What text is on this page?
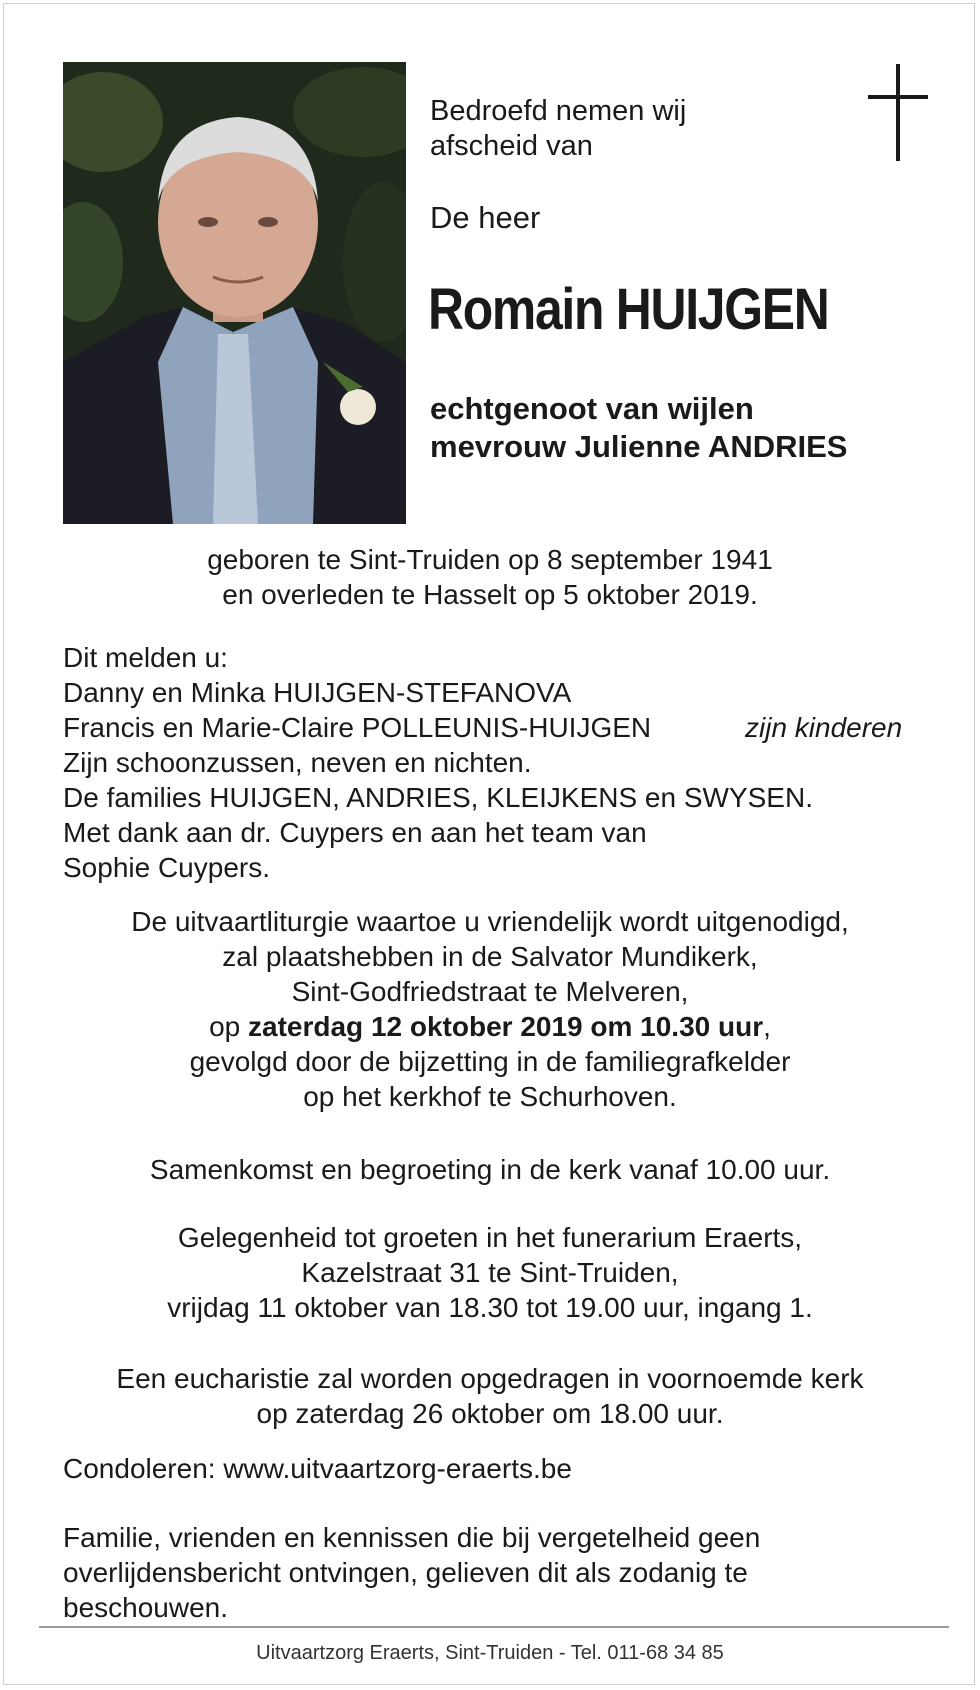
Bedroefd nemen wij
afscheid van
De heer
Romain HUIJGEN
echtgenoot van wijlen
mevrouw Julienne ANDRIES
geboren te Sint-Truiden op 8 september 1941
en overleden te Hasselt op 5 oktober 2019.
Dit melden u:
Danny en Minka HUIJGEN-STEFANOVA
Francis en Marie-Claire POLLEUNIS-HUIJGEN	zijn kinderen
Zijn schoonzussen, neven en nichten.
De families HUIJGEN, ANDRIES, KLEIJKENS en SWYSEN.
Met dank aan dr. Cuypers en aan het team van
Sophie Cuypers.
De uitvaartliturgie waartoe u vriendelijk wordt uitgenodigd,
zal plaatshebben in de Salvator Mundikerk,
Sint-Godfriedstraat te Melveren,
op zaterdag 12 oktober 2019 om 10.30 uur,
gevolgd door de bijzetting in de familiegrafkelder
op het kerkhof te Schurhoven.
Samenkomst en begroeting in de kerk vanaf 10.00 uur.
Gelegenheid tot groeten in het funerarium Eraerts,
Kazelstraat 31 te Sint-Truiden,
vrijdag 11 oktober van 18.30 tot 19.00 uur, ingang 1.
Een eucharistie zal worden opgedragen in voornoemde kerk
op zaterdag 26 oktober om 18.00 uur.
Condoleren: www.uitvaartzorg-eraerts.be
Familie, vrienden en kennissen die bij vergetelheid geen
overlijdensbericht ontvingen, gelieven dit als zodanig te
beschouwen.
Uitvaartzorg Eraerts, Sint-Truiden - Tel. 011-68 34 85
